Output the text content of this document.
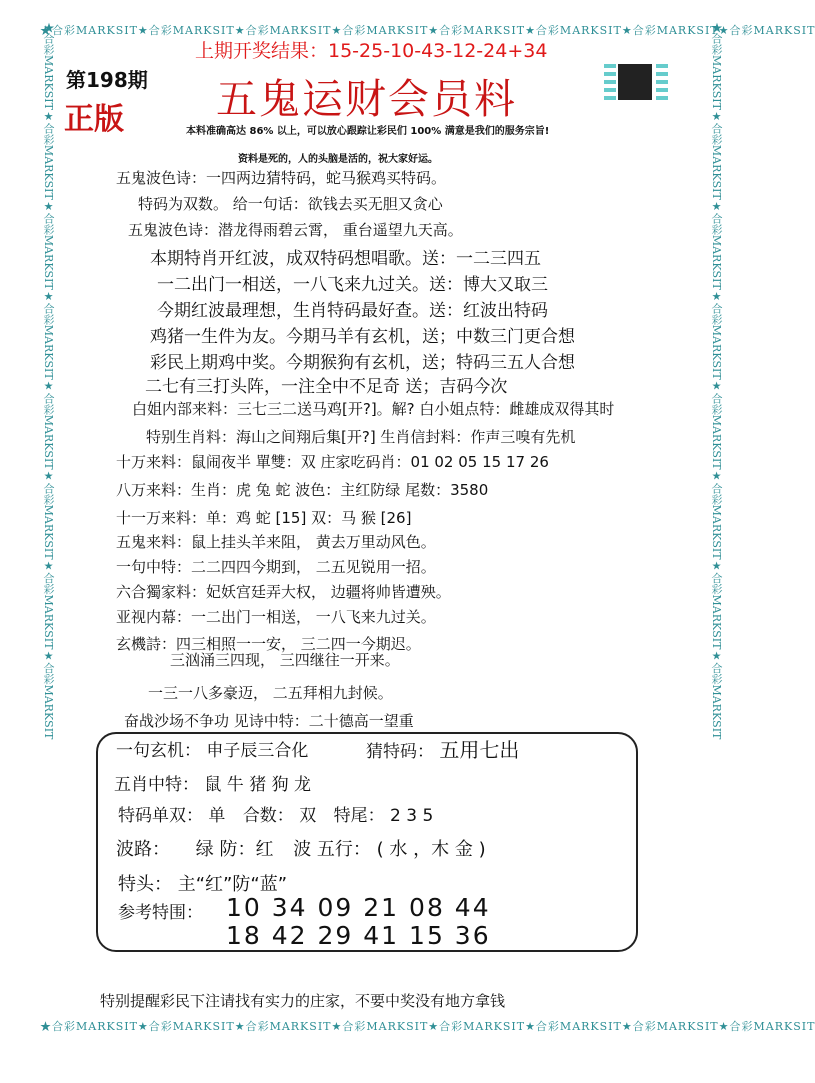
★合彩MARKSIT★合彩MARKSIT★合彩MARKSIT★合彩MARKSIT★合彩MARKSIT★合彩MARKSIT★合彩MARKSIT★合彩MARKSIT
★合彩MARKSIT★合彩MARKSIT★合彩MARKSIT★合彩MARKSIT★合彩MARKSIT★合彩MARKSIT★合彩MARKSIT★合彩MARKSIT
★合彩MARKSIT★合彩MARKSIT★合彩MARKSIT★合彩MARKSIT★合彩MARKSIT★合彩MARKSIT★合彩MARKSIT★合彩MARKSIT	★合彩MARKSIT★合彩MARKSIT★合彩MARKSIT★合彩MARKSIT★合彩MARKSIT★合彩MARKSIT★合彩MARKSIT★合彩MARKSIT
上期开奖结果：15-25-10-43-12-24+34
第198期
正版 五鬼运财会员料
本料准确高达 86% 以上，可以放心跟踪让彩民们 100% 满意是我们的服务宗旨!
资料是死的，人的头脑是活的，祝大家好运。
五鬼波色诗：一四两边猜特码，蛇马猴鸡买特码。
特码为双数。 给一句话：欲钱去买无胆又贪心
五鬼波色诗：潜龙得雨碧云霄， 重台遥望九天高。
本期特肖开红波，成双特码想唱歌。送：一二三四五
一二出门一相送，一八飞来九过关。送：博大又取三
今期红波最理想，生肖特码最好查。送：红波出特码
鸡猪一生件为友。今期马羊有玄机，送；中数三门更合想
彩民上期鸡中奖。今期猴狗有玄机，送；特码三五人合想
二七有三打头阵，一注全中不足奇 送；吉码今次
白姐内部来料：三七三二送马鸡[开?]。解? 白小姐点特：雌雄成双得其时
特别生肖料：海山之间翔后集[开?] 生肖信封料：作声三嗅有先机
十万来料：鼠闹夜半 單雙：双 庄家吃码肖：01 02 05 15 17 26
八万来料：生肖：虎 兔 蛇 波色：主红防绿 尾数：3580
十一万来料：单：鸡 蛇 [15] 双：马 猴 [26]
五鬼来料：鼠上挂头羊来阻， 黄去万里动风色。
一句中特：二二四四今期到， 二五见锐用一招。
六合獨家料：妃妖宫廷弄大权， 边疆将帅皆遭殃。
亚视内幕：一二出门一相送， 一八飞来九过关。
玄機詩：四三相照一一安， 三二四一今期迟。
三汹涌三四现， 三四继往一开来。
一三一八多豪迈， 二五拜相九封候。
奋战沙场不争功 见诗中特：二十德高一望重
一句玄机： 申子辰三合化	猜特码： 五用七出
五肖中特： 鼠 牛 猪 狗 龙
特码单双： 单 合数： 双 特尾： 2 3 5
波路： 绿 防：红 波 五行： ( 水 ，木 金 )
特头： 主“红”防“蓝”
参考特围： 10 34 09 21 08 44
18 42 29 41 15 36
特别提醒彩民下注请找有实力的庄家，不要中奖没有地方拿钱
